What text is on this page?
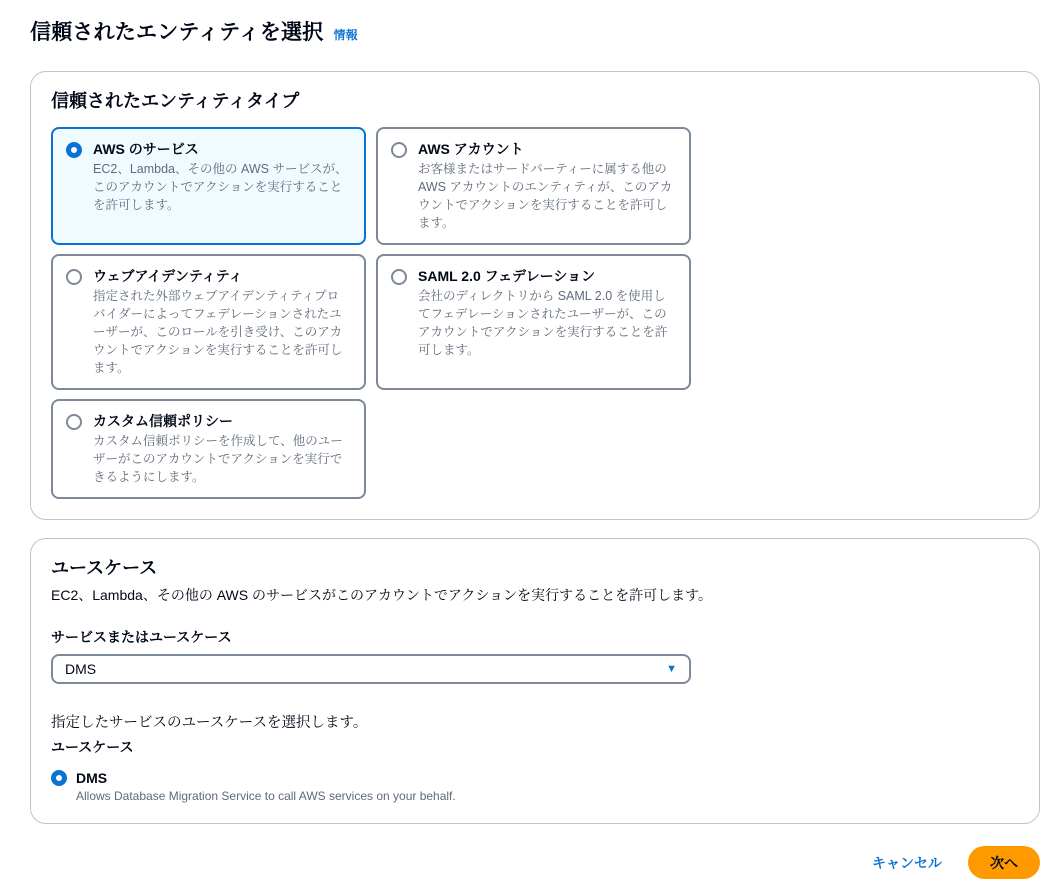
信頼されたエンティティを選択 情報
信頼されたエンティティタイプ
AWS のサービス
EC2、Lambda、その他の AWS サービスが、このアカウントでアクションを実行することを許可します。
AWS アカウント
お客様またはサードパーティーに属する他の AWS アカウントのエンティティが、このアカウントでアクションを実行することを許可します。
ウェブアイデンティティ
指定された外部ウェブアイデンティティプロバイダーによってフェデレーションされたユーザーが、このロールを引き受け、このアカウントでアクションを実行することを許可します。
SAML 2.0 フェデレーション
会社のディレクトリから SAML 2.0 を使用してフェデレーションされたユーザーが、このアカウントでアクションを実行することを許可します。
カスタム信頼ポリシー
カスタム信頼ポリシーを作成して、他のユーザーがこのアカウントでアクションを実行できるようにします。
ユースケース

EC2、Lambda、その他の AWS のサービスがこのアカウントでアクションを実行することを許可します。

サービスまたはユースケース
DMS	▼
指定したサービスのユースケースを選択します。
ユースケース
DMS
Allows Database Migration Service to call AWS services on your behalf.
キャンセル	次へ
